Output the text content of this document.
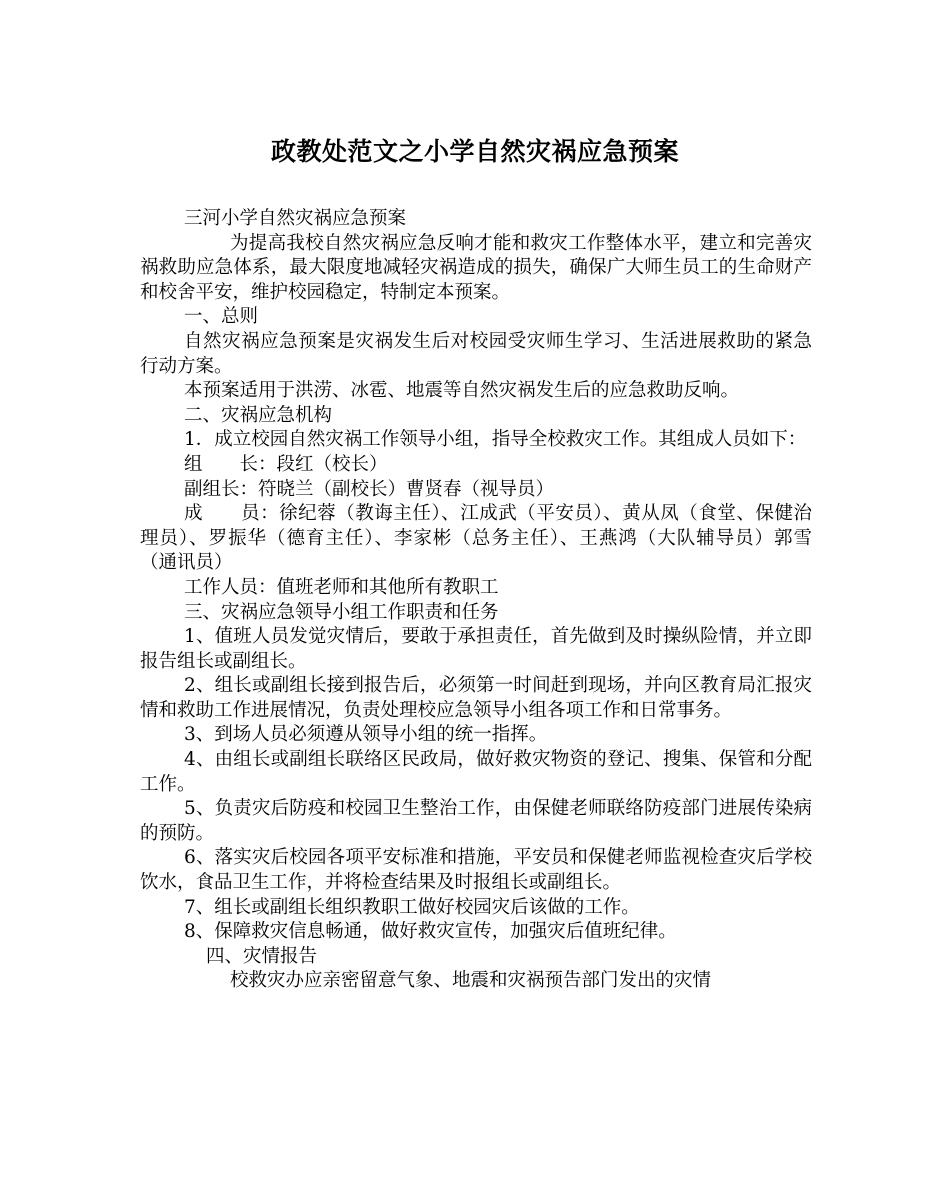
政教处范文之小学自然灾祸应急预案

三河小学自然灾祸应急预案

为提高我校自然灾祸应急反响才能和救灾工作整体水平，建立和完善灾祸救助应急体系，最大限度地减轻灾祸造成的损失，确保广大师生员工的生命财产和校舍平安，维护校园稳定，特制定本预案。

一、总则

自然灾祸应急预案是灾祸发生后对校园受灾师生学习、生活进展救助的紧急行动方案。

本预案适用于洪涝、冰雹、地震等自然灾祸发生后的应急救助反响。

二、灾祸应急机构

1．成立校园自然灾祸工作领导小组，指导全校救灾工作。其组成人员如下：

组　　长：段红（校长）

副组长：符晓兰（副校长）曹贤春（视导员）

成　　员：徐纪蓉（教诲主任）、江成武（平安员）、黄从凤（食堂、保健治理员）、罗振华（德育主任）、李家彬（总务主任）、王燕鸿（大队辅导员）郭雪（通讯员）

工作人员：值班老师和其他所有教职工

三、灾祸应急领导小组工作职责和任务

1、值班人员发觉灾情后，要敢于承担责任，首先做到及时操纵险情，并立即报告组长或副组长。

2、组长或副组长接到报告后，必须第一时间赶到现场，并向区教育局汇报灾情和救助工作进展情况，负责处理校应急领导小组各项工作和日常事务。

3、到场人员必须遵从领导小组的统一指挥。

4、由组长或副组长联络区民政局，做好救灾物资的登记、搜集、保管和分配工作。

5、负责灾后防疫和校园卫生整治工作，由保健老师联络防疫部门进展传染病的预防。

6、落实灾后校园各项平安标准和措施，平安员和保健老师监视检查灾后学校饮水，食品卫生工作，并将检查结果及时报组长或副组长。

7、组长或副组长组织教职工做好校园灾后该做的工作。

8、保障救灾信息畅通，做好救灾宣传，加强灾后值班纪律。

四、灾情报告

校救灾办应亲密留意气象、地震和灾祸预告部门发出的灾情
